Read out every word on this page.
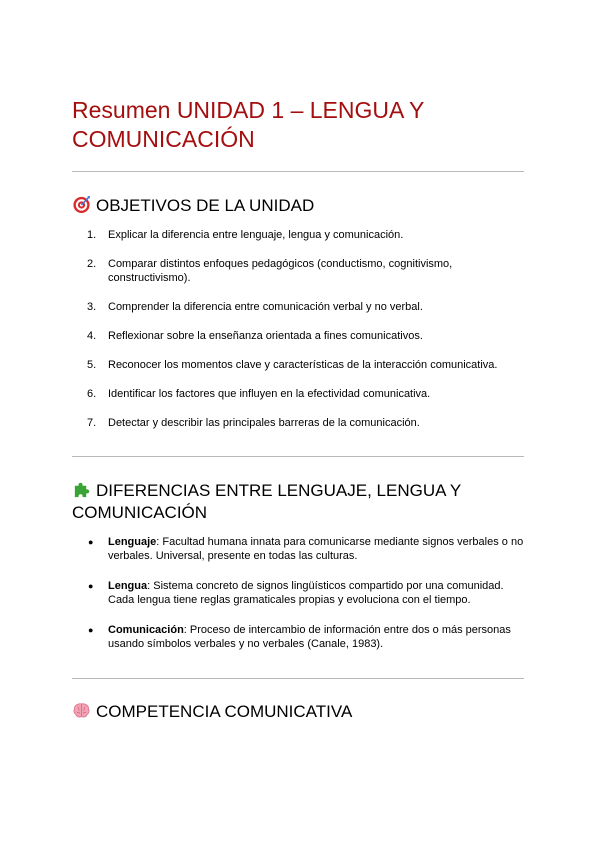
Resumen UNIDAD 1 – LENGUA Y COMUNICACIÓN
OBJETIVOS DE LA UNIDAD
1. Explicar la diferencia entre lenguaje, lengua y comunicación.
2. Comparar distintos enfoques pedagógicos (conductismo, cognitivismo, constructivismo).
3. Comprender la diferencia entre comunicación verbal y no verbal.
4. Reflexionar sobre la enseñanza orientada a fines comunicativos.
5. Reconocer los momentos clave y características de la interacción comunicativa.
6. Identificar los factores que influyen en la efectividad comunicativa.
7. Detectar y describir las principales barreras de la comunicación.
DIFERENCIAS ENTRE LENGUAJE, LENGUA Y COMUNICACIÓN
● Lenguaje: Facultad humana innata para comunicarse mediante signos verbales o no verbales. Universal, presente en todas las culturas.
● Lengua: Sistema concreto de signos lingüísticos compartido por una comunidad. Cada lengua tiene reglas gramaticales propias y evoluciona con el tiempo.
● Comunicación: Proceso de intercambio de información entre dos o más personas usando símbolos verbales y no verbales (Canale, 1983).
COMPETENCIA COMUNICATIVA
